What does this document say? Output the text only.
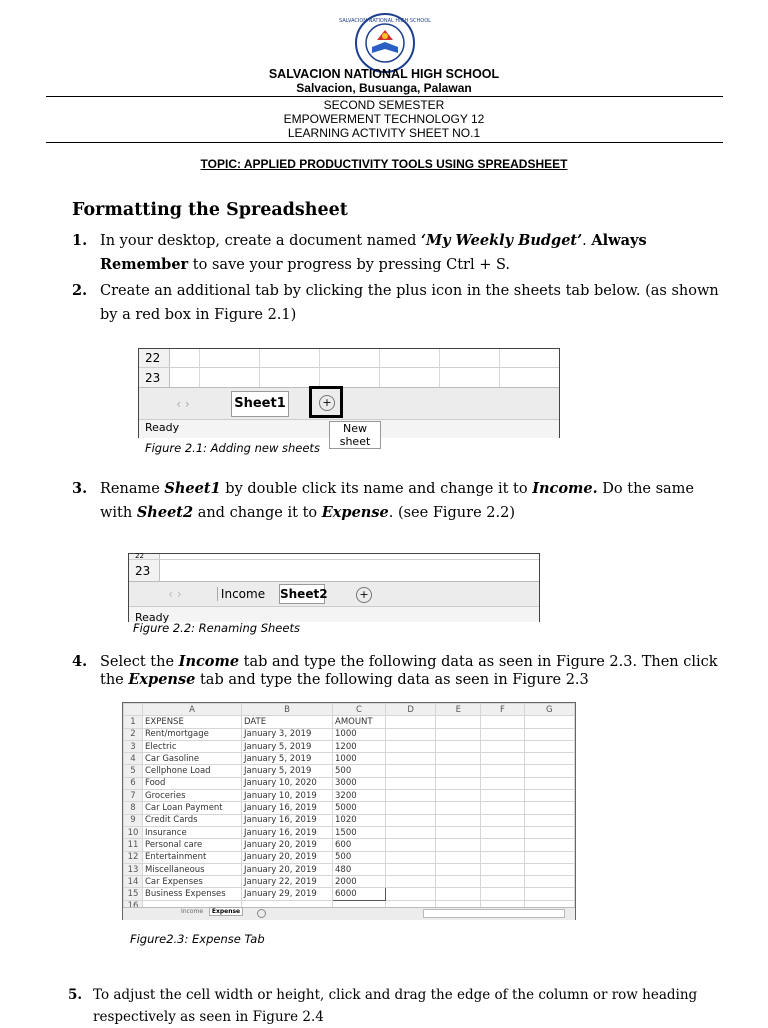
SALVACION NATIONAL HIGH SCHOOL
SALVACION NATIONAL HIGH SCHOOL
Salvacion, Busuanga, Palawan
SECOND SEMESTER
EMPOWERMENT TECHNOLOGY 12
LEARNING ACTIVITY SHEET NO.1
TOPIC: APPLIED PRODUCTIVITY TOOLS USING SPREADSHEET
Formatting the Spreadsheet
1. In your desktop, create a document named ‘My Weekly Budget’. Always Remember to save your progress by pressing Ctrl + S.
2. Create an additional tab by clicking the plus icon in the sheets tab below. (as shown by a red box in Figure 2.1)
22
23
‹ ›	Sheet1	+
Ready	New sheet
Figure 2.1: Adding new sheets
3. Rename Sheet1 by double click its name and change it to Income. Do the same with Sheet2 and change it to Expense. (see Figure 2.2)
22
23
‹ ›	Income Sheet2	+
Ready
Figure 2.2: Renaming Sheets
4. Select the Income tab and type the following data as seen in Figure 2.3. Then click the Expense tab and type the following data as seen in Figure 2.3
	A	B	C	D	E	F	G
1	EXPENSE	DATE	AMOUNT				
2	Rent/mortgage	January 3, 2019	1000				
3	Electric	January 5, 2019	1200				
4	Car Gasoline	January 5, 2019	1000				
5	Cellphone Load	January 5, 2019	500				
6	Food	January 10, 2020	3000				
7	Groceries	January 10, 2019	3200				
8	Car Loan Payment	January 16, 2019	5000				
9	Credit Cards	January 16, 2019	1020				
10	Insurance	January 16, 2019	1500				
11	Personal care	January 20, 2019	600				
12	Entertainment	January 20, 2019	500				
13	Miscellaneous	January 20, 2019	480				
14	Car Expenses	January 22, 2019	2000				
15	Business Expenses	January 29, 2019	6000				

Income	Expense
Figure2.3: Expense Tab
5. To adjust the cell width or height, click and drag the edge of the column or row heading respectively as seen in Figure 2.4
